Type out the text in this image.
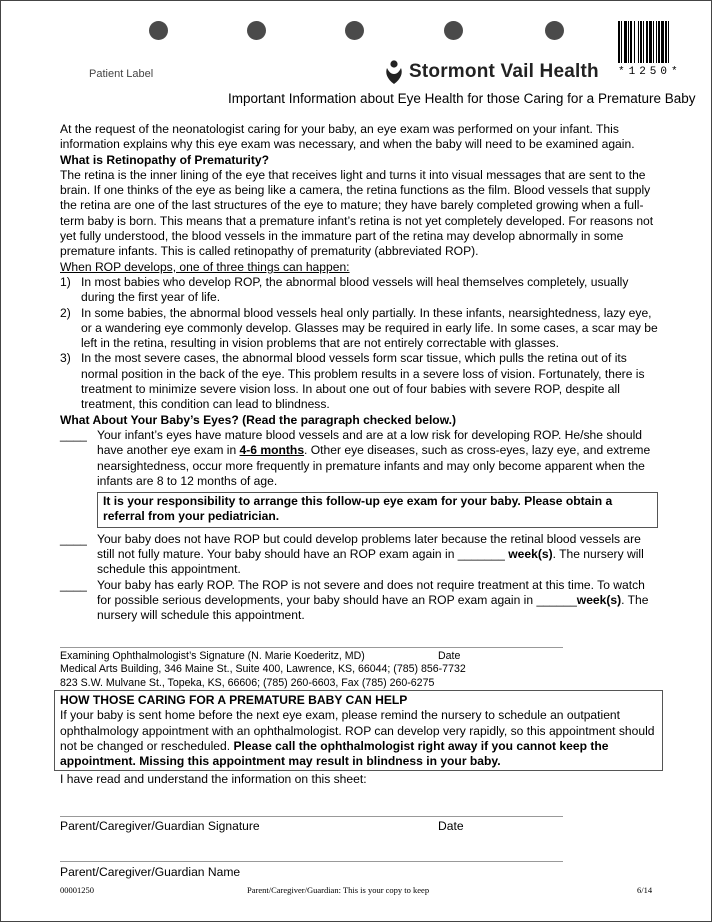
Patient Label	Stormont Vail Health *1250*
Important Information about Eye Health for those Caring for a Premature Baby

At the request of the neonatologist caring for your baby, an eye exam was performed on your infant. This information explains why this eye exam was necessary, and when the baby will need to be examined again.

What is Retinopathy of Prematurity?

The retina is the inner lining of the eye that receives light and turns it into visual messages that are sent to the brain. If one thinks of the eye as being like a camera, the retina functions as the film. Blood vessels that supply the retina are one of the last structures of the eye to mature; they have barely completed growing when a full-term baby is born. This means that a premature infant’s retina is not yet completely developed. For reasons not yet fully understood, the blood vessels in the immature part of the retina may develop abnormally in some premature infants. This is called retinopathy of prematurity (abbreviated ROP).

When ROP develops, one of three things can happen:

1) In most babies who develop ROP, the abnormal blood vessels will heal themselves completely, usually during the first year of life.
2) In some babies, the abnormal blood vessels heal only partially. In these infants, nearsightedness, lazy eye, or a wandering eye commonly develop. Glasses may be required in early life. In some cases, a scar may be left in the retina, resulting in vision problems that are not entirely correctable with glasses.
3) In the most severe cases, the abnormal blood vessels form scar tissue, which pulls the retina out of its normal position in the back of the eye. This problem results in a severe loss of vision. Fortunately, there is treatment to minimize severe vision loss. In about one out of four babies with severe ROP, despite all treatment, this condition can lead to blindness.

What About Your Baby’s Eyes? (Read the paragraph checked below.)

____ Your infant’s eyes have mature blood vessels and are at a low risk for developing ROP. He/she should have another eye exam in 4-6 months. Other eye diseases, such as cross-eyes, lazy eye, and extreme nearsightedness, occur more frequently in premature infants and may only become apparent when the infants are 8 to 12 months of age.
It is your responsibility to arrange this follow-up eye exam for your baby. Please obtain a referral from your pediatrician.
____ Your baby does not have ROP but could develop problems later because the retinal blood vessels are still not fully mature. Your baby should have an ROP exam again in _______ week(s). The nursery will schedule this appointment.
____ Your baby has early ROP. The ROP is not severe and does not require treatment at this time. To watch for possible serious developments, your baby should have an ROP exam again in ______week(s). The nursery will schedule this appointment.
Examining Ophthalmologist’s Signature (N. Marie Koederitz, MD)	Date
Medical Arts Building, 346 Maine St., Suite 400, Lawrence, KS, 66044; (785) 856-7732
823 S.W. Mulvane St., Topeka, KS, 66606; (785) 260-6603, Fax (785) 260-6275
HOW THOSE CARING FOR A PREMATURE BABY CAN HELP
If your baby is sent home before the next eye exam, please remind the nursery to schedule an outpatient ophthalmology appointment with an ophthalmologist. ROP can develop very rapidly, so this appointment should not be changed or rescheduled. Please call the ophthalmologist right away if you cannot keep the appointment. Missing this appointment may result in blindness in your baby.
I have read and understand the information on this sheet:
Parent/Caregiver/Guardian Signature	Date
Parent/Caregiver/Guardian Name
00001250	Parent/Caregiver/Guardian: This is your copy to keep	6/14
